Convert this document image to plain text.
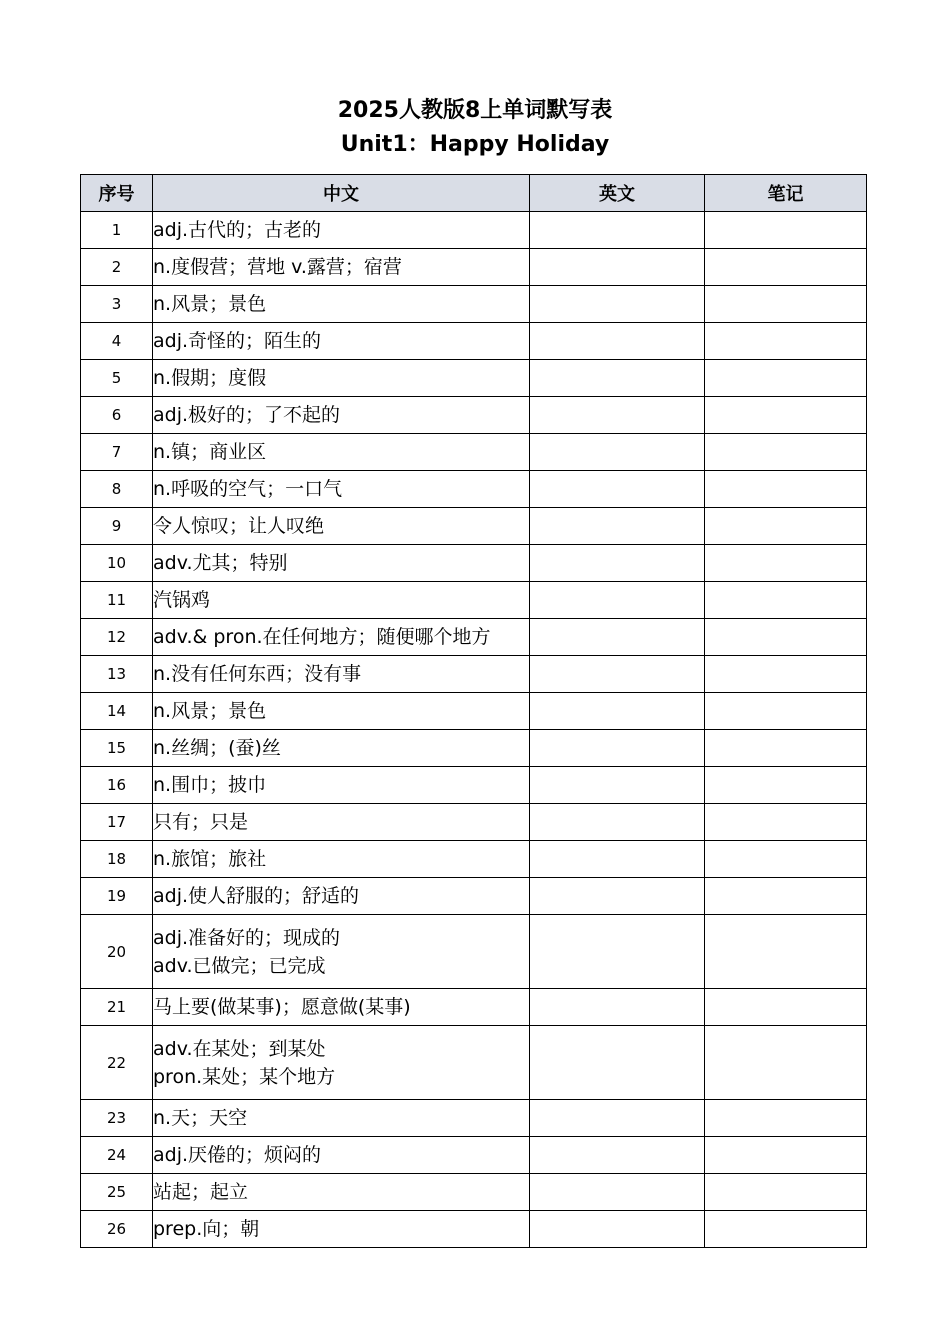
2025人教版8上单词默写表
Unit1：Happy Holiday
序号	中文	英文	笔记
1	adj.古代的；古老的		

2	n.度假营；营地 v.露营；宿营		

3	n.风景；景色		

4	adj.奇怪的；陌生的		

5	n.假期；度假		

6	adj.极好的；了不起的		

7	n.镇；商业区		

8	n.呼吸的空气；一口气		

9	令人惊叹；让人叹绝		

10	adv.尤其；特别		

11	汽锅鸡		

12	adv.& pron.在任何地方；随便哪个地方		

13	n.没有任何东西；没有事		

14	n.风景；景色		

15	n.丝绸；(蚕)丝		

16	n.围巾；披巾		

17	只有；只是		

18	n.旅馆；旅社		

19	adj.使人舒服的；舒适的		

20	adj.准备好的；现成的
adv.已做完；已完成		

21	马上要(做某事)；愿意做(某事)		

22	adv.在某处；到某处
pron.某处；某个地方		

23	n.天；天空		

24	adj.厌倦的；烦闷的		

25	站起；起立		

26	prep.向；朝		
